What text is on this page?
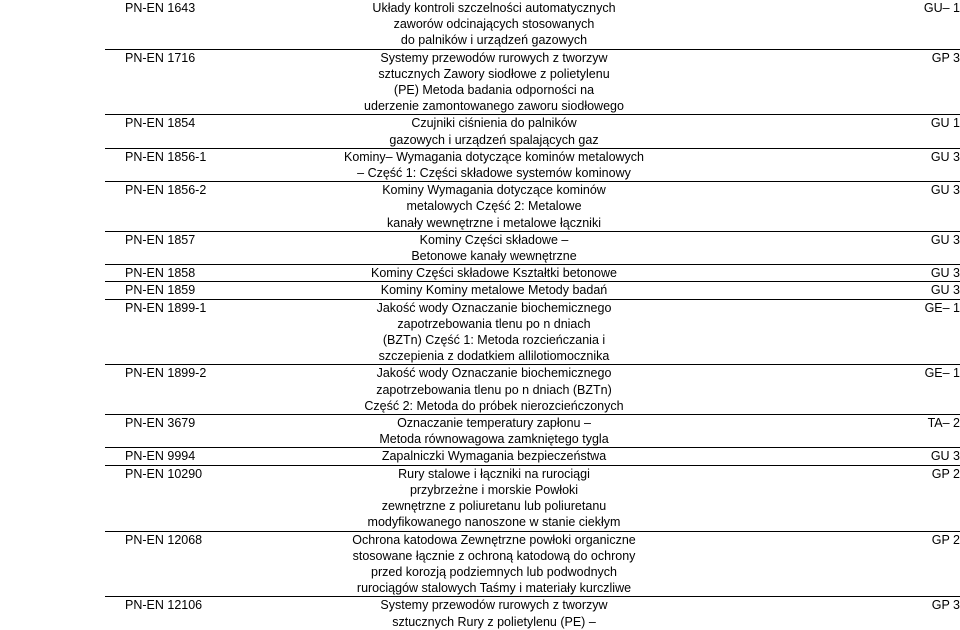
PN-EN 1643	Układy kontroli szczelności automatycznych
zaworów odcinających stosowanych
do palników i urządzeń gazowych	GU– 1
PN-EN 1716	Systemy przewodów rurowych z tworzyw
sztucznych Zawory siodłowe z polietylenu
(PE) Metoda badania odporności na
uderzenie zamontowanego zaworu siodłowego	GP 3
PN-EN 1854	Czujniki ciśnienia do palników
gazowych i urządzeń spalających gaz	GU 1
PN-EN 1856-1	Kominy– Wymagania dotyczące kominów metalowych
– Część 1: Części składowe systemów kominowy	GU 3
PN-EN 1856-2	Kominy Wymagania dotyczące kominów
metalowych Część 2: Metalowe
kanały wewnętrzne i metalowe łączniki	GU 3
PN-EN 1857	Kominy Części składowe –
Betonowe kanały wewnętrzne	GU 3
PN-EN 1858	Kominy Części składowe Kształtki betonowe	GU 3
PN-EN 1859	Kominy Kominy metalowe Metody badań	GU 3
PN-EN 1899-1	Jakość wody Oznaczanie biochemicznego
zapotrzebowania tlenu po n dniach
(BZTn) Część 1: Metoda rozcieńczania i
szczepienia z dodatkiem allilotiomocznika	GE– 1
PN-EN 1899-2	Jakość wody Oznaczanie biochemicznego
zapotrzebowania tlenu po n dniach (BZTn)
Część 2: Metoda do próbek nierozcieńczonych	GE– 1
PN-EN 3679	Oznaczanie temperatury zapłonu –
Metoda równowagowa zamkniętego tygla	TA– 2
PN-EN 9994	Zapalniczki Wymagania bezpieczeństwa	GU 3
PN-EN 10290	Rury stalowe i łączniki na rurociągi
przybrzeżne i morskie Powłoki
zewnętrzne z poliuretanu lub poliuretanu
modyfikowanego nanoszone w stanie ciekłym	GP 2
PN-EN 12068	Ochrona katodowa Zewnętrzne powłoki organiczne
stosowane łącznie z ochroną katodową do ochrony
przed korozją podziemnych lub podwodnych
rurociągów stalowych Taśmy i materiały kurczliwe	GP 2
PN-EN 12106	Systemy przewodów rurowych z tworzyw
sztucznych Rury z polietylenu (PE) –	GP 3
